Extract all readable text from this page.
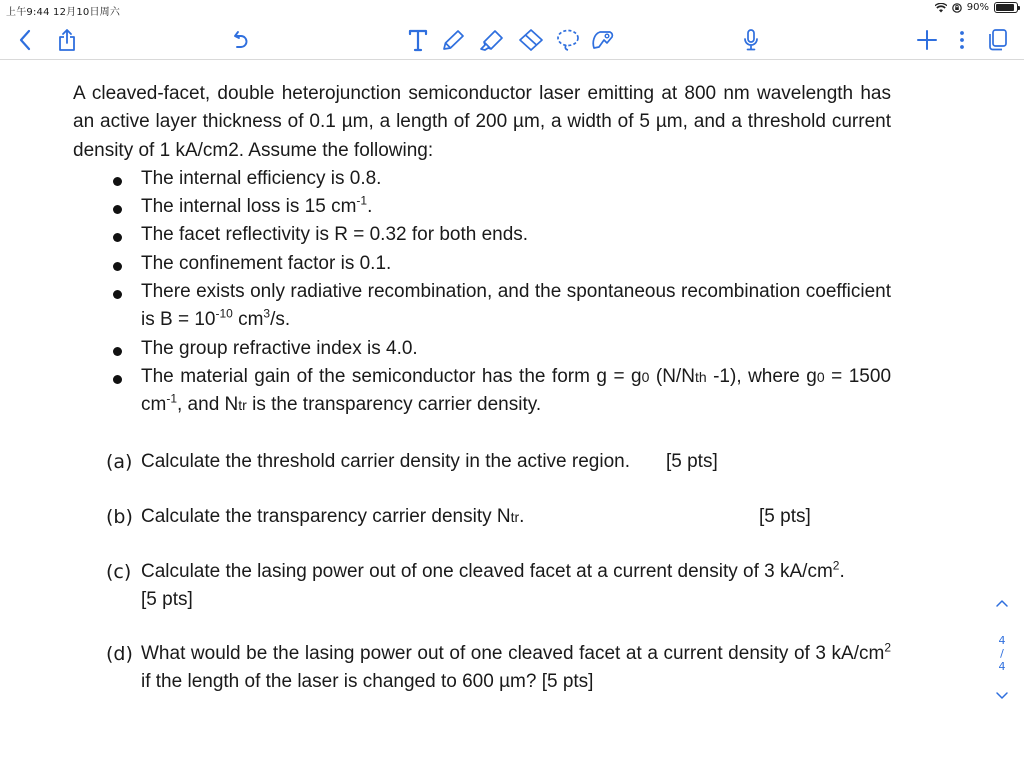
上午9:44 12月10日周六	90%

A cleaved-facet, double heterojunction semiconductor laser emitting at 800 nm wavelength has an active layer thickness of 0.1 µm, a length of 200 µm, a width of 5 µm, and a threshold current density of 1 kA/cm2. Assume the following:

The internal efficiency is 0.8.
The internal loss is 15 $cm^{-1}$.
The facet reflectivity is R = 0.32 for both ends.
The confinement factor is 0.1.
There exists only radiative recombination, and the spontaneous recombination coefficient is $B = 10^{-10}$ $cm^3/s$.
The group refractive index is 4.0.
The material gain of the semiconductor has the form g = g0 (N/Nth -1), where g0 = 1500 $cm^{-1}$, and Ntr is the transparency carrier density.
(a) Calculate the threshold carrier density in the active region. [5 pts]
(b) Calculate the transparency carrier density Ntr.	[5 pts]
(c) Calculate the lasing power out of one cleaved facet at a current density of 3 $kA/cm^2$.
[5 pts]
(d) What would be the lasing power out of one cleaved facet at a current density of 3 $kA/cm^2$ if the length of the laser is changed to 600 µm? [5 pts]
4
/
4
